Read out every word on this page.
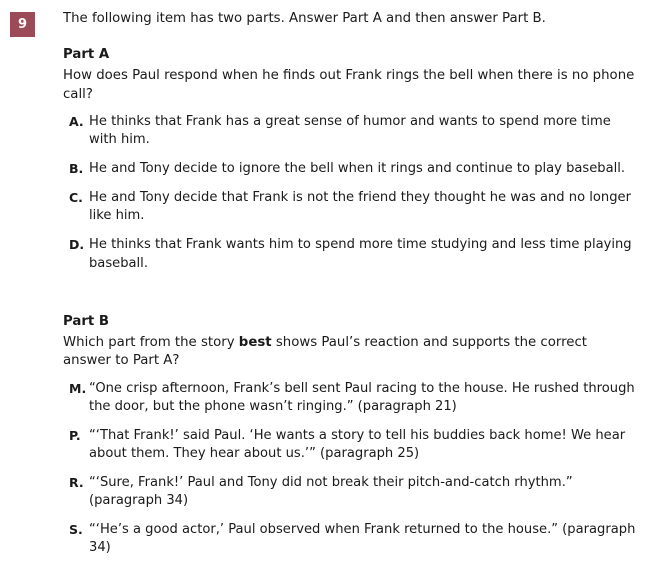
9	The following item has two parts. Answer Part A and then answer Part B.
Part A
How does Paul respond when he finds out Frank rings the bell when there is no phone call?
A. He thinks that Frank has a great sense of humor and wants to spend more time with him.
B. He and Tony decide to ignore the bell when it rings and continue to play baseball.
C. He and Tony decide that Frank is not the friend they thought he was and no longer like him.
D. He thinks that Frank wants him to spend more time studying and less time playing baseball.
Part B
Which part from the story best shows Paul’s reaction and supports the correct answer to Part A?
M. “One crisp afternoon, Frank’s bell sent Paul racing to the house. He rushed through the door, but the phone wasn’t ringing.” (paragraph 21)
P. “‘That Frank!’ said Paul. ‘He wants a story to tell his buddies back home! We hear about them. They hear about us.’” (paragraph 25)
R. “‘Sure, Frank!’ Paul and Tony did not break their pitch-and-catch rhythm.” (paragraph 34)
S. “‘He’s a good actor,’ Paul observed when Frank returned to the house.” (paragraph 34)
